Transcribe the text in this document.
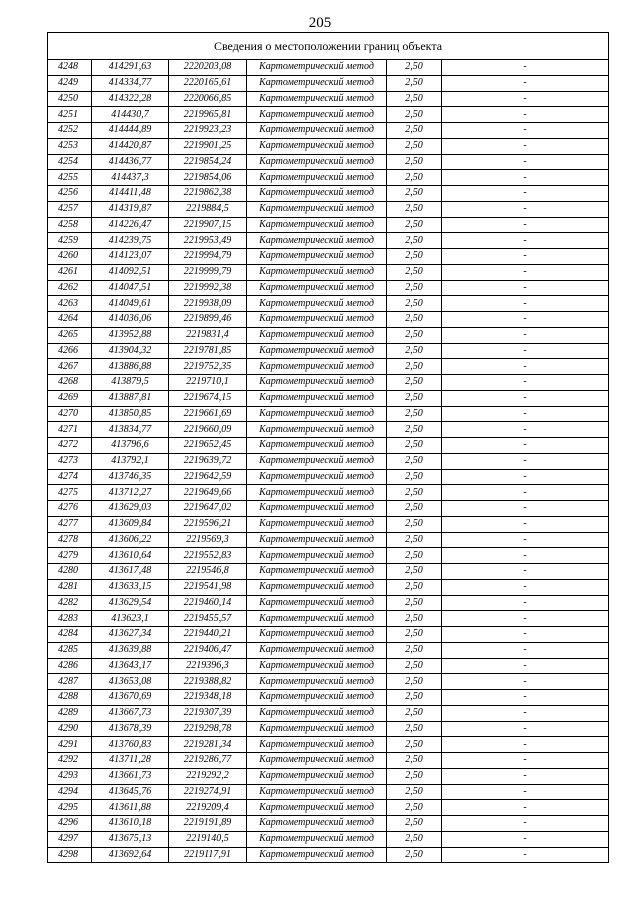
205
Сведения о местоположении границ объекта					
4248	414291,63	2220203,08	Картометрический метод	2,50	-
4249	414334,77	2220165,61	Картометрический метод	2,50	-
4250	414322,28	2220066,85	Картометрический метод	2,50	-
4251	414430,7	2219965,81	Картометрический метод	2,50	-
4252	414444,89	2219923,23	Картометрический метод	2,50	-
4253	414420,87	2219901,25	Картометрический метод	2,50	-
4254	414436,77	2219854,24	Картометрический метод	2,50	-
4255	414437,3	2219854,06	Картометрический метод	2,50	-
4256	414411,48	2219862,38	Картометрический метод	2,50	-
4257	414319,87	2219884,5	Картометрический метод	2,50	-
4258	414226,47	2219907,15	Картометрический метод	2,50	-
4259	414239,75	2219953,49	Картометрический метод	2,50	-
4260	414123,07	2219994,79	Картометрический метод	2,50	-
4261	414092,51	2219999,79	Картометрический метод	2,50	-
4262	414047,51	2219992,38	Картометрический метод	2,50	-
4263	414049,61	2219938,09	Картометрический метод	2,50	-
4264	414036,06	2219899,46	Картометрический метод	2,50	-
4265	413952,88	2219831,4	Картометрический метод	2,50	-
4266	413904,32	2219781,85	Картометрический метод	2,50	-
4267	413886,88	2219752,35	Картометрический метод	2,50	-
4268	413879,5	2219710,1	Картометрический метод	2,50	-
4269	413887,81	2219674,15	Картометрический метод	2,50	-
4270	413850,85	2219661,69	Картометрический метод	2,50	-
4271	413834,77	2219660,09	Картометрический метод	2,50	-
4272	413796,6	2219652,45	Картометрический метод	2,50	-
4273	413792,1	2219639,72	Картометрический метод	2,50	-
4274	413746,35	2219642,59	Картометрический метод	2,50	-
4275	413712,27	2219649,66	Картометрический метод	2,50	-
4276	413629,03	2219647,02	Картометрический метод	2,50	-
4277	413609,84	2219596,21	Картометрический метод	2,50	-
4278	413606,22	2219569,3	Картометрический метод	2,50	-
4279	413610,64	2219552,83	Картометрический метод	2,50	-
4280	413617,48	2219546,8	Картометрический метод	2,50	-
4281	413633,15	2219541,98	Картометрический метод	2,50	-
4282	413629,54	2219460,14	Картометрический метод	2,50	-
4283	413623,1	2219455,57	Картометрический метод	2,50	-
4284	413627,34	2219440,21	Картометрический метод	2,50	-
4285	413639,88	2219406,47	Картометрический метод	2,50	-
4286	413643,17	2219396,3	Картометрический метод	2,50	-
4287	413653,08	2219388,82	Картометрический метод	2,50	-
4288	413670,69	2219348,18	Картометрический метод	2,50	-
4289	413667,73	2219307,39	Картометрический метод	2,50	-
4290	413678,39	2219298,78	Картометрический метод	2,50	-
4291	413760,83	2219281,34	Картометрический метод	2,50	-
4292	413711,28	2219286,77	Картометрический метод	2,50	-
4293	413661,73	2219292,2	Картометрический метод	2,50	-
4294	413645,76	2219274,91	Картометрический метод	2,50	-
4295	413611,88	2219209,4	Картометрический метод	2,50	-
4296	413610,18	2219191,89	Картометрический метод	2,50	-
4297	413675,13	2219140,5	Картометрический метод	2,50	-
4298	413692,64	2219117,91	Картометрический метод	2,50	-
